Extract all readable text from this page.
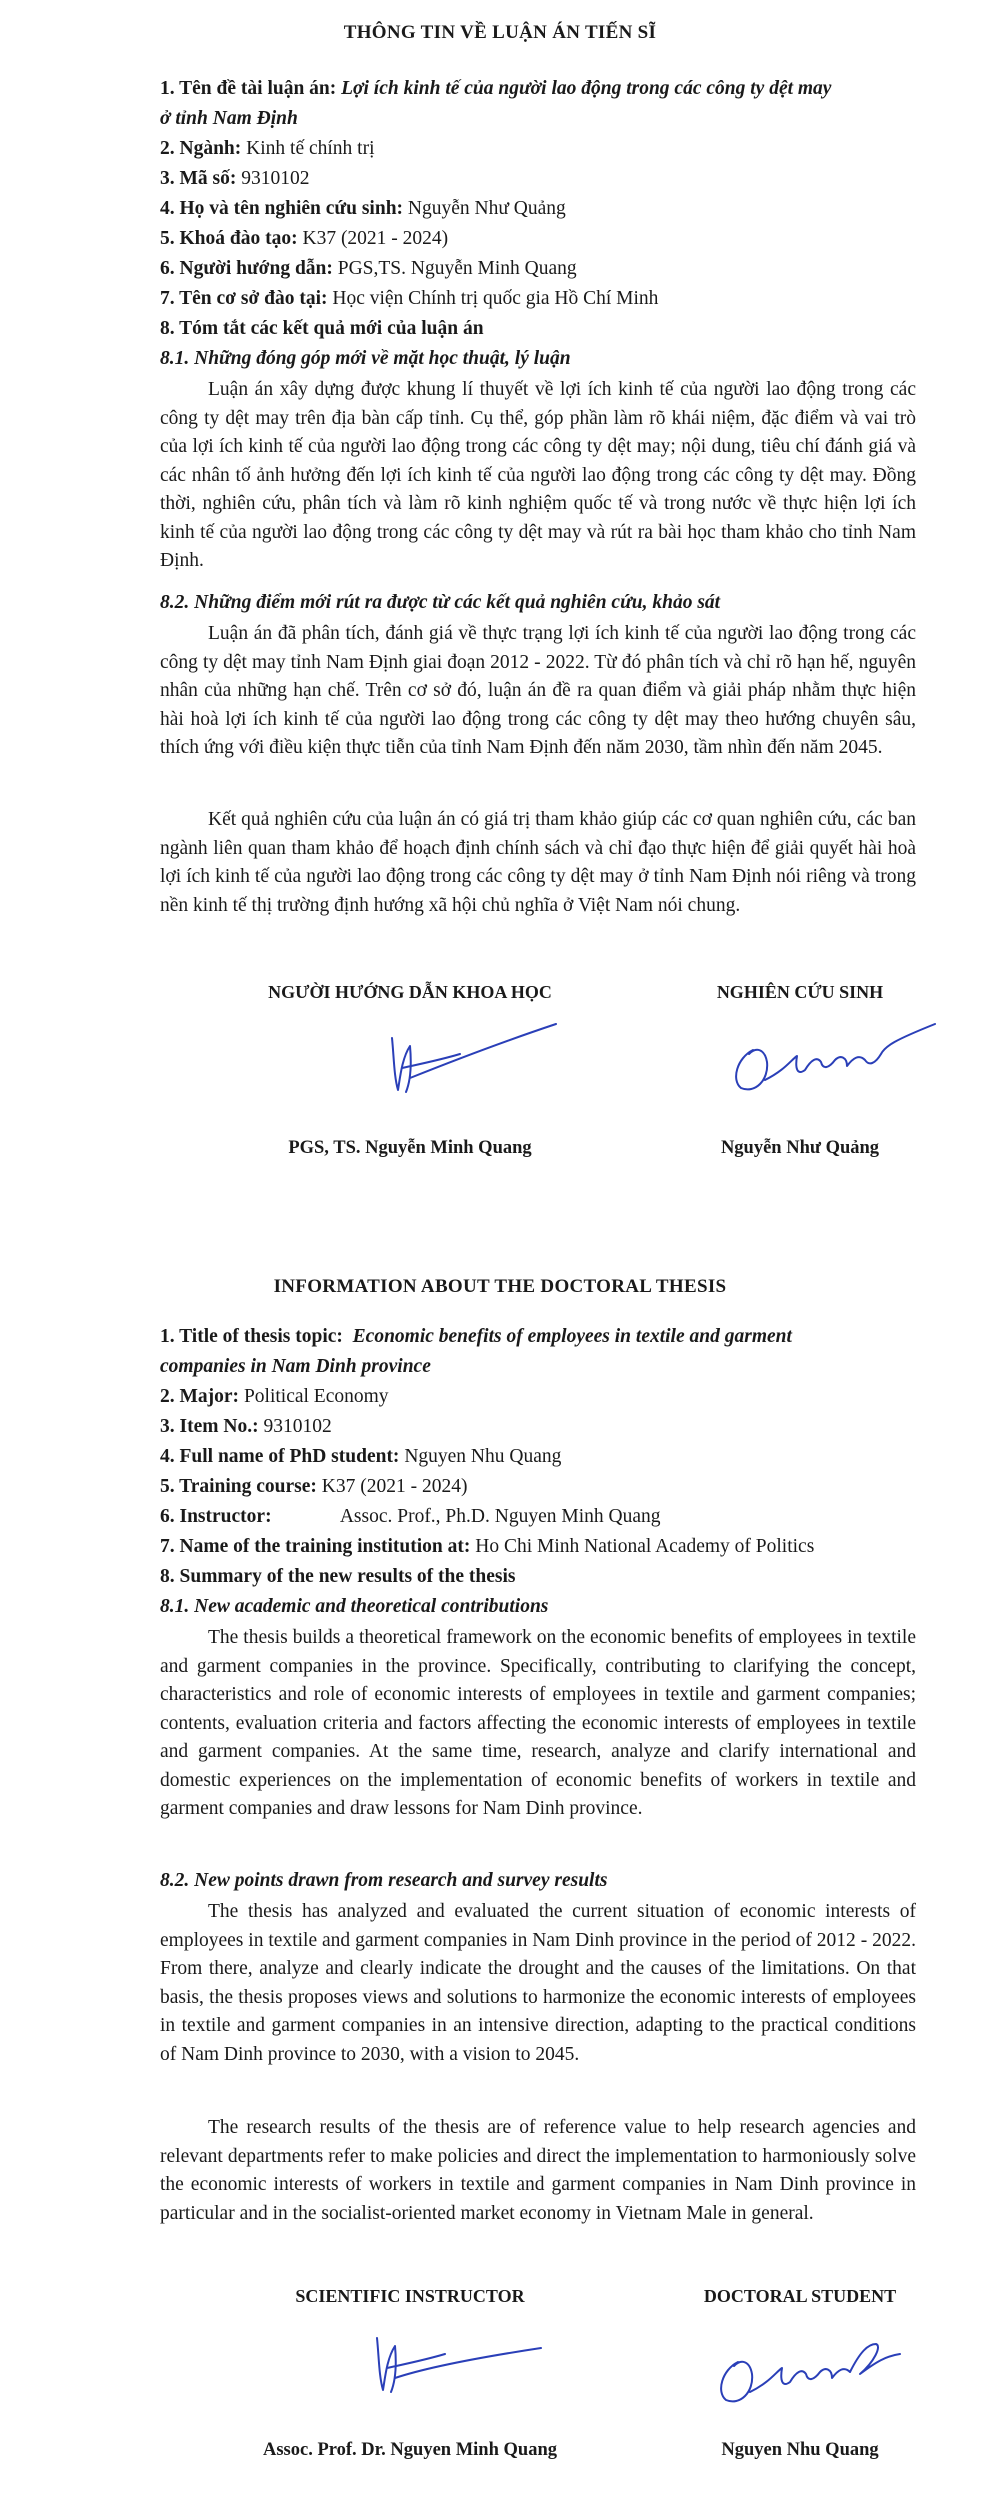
THÔNG TIN VỀ LUẬN ÁN TIẾN SĨ
1. Tên đề tài luận án: Lợi ích kinh tế của người lao động trong các công ty dệt may
ở tỉnh Nam Định
2. Ngành: Kinh tế chính trị
3. Mã số: 9310102
4. Họ và tên nghiên cứu sinh: Nguyễn Như Quảng
5. Khoá đào tạo: K37 (2021 - 2024)
6. Người hướng dẫn: PGS,TS. Nguyễn Minh Quang
7. Tên cơ sở đào tại: Học viện Chính trị quốc gia Hồ Chí Minh
8. Tóm tắt các kết quả mới của luận án
8.1. Những đóng góp mới về mặt học thuật, lý luận

Luận án xây dựng được khung lí thuyết về lợi ích kinh tế của người lao động trong các công ty dệt may trên địa bàn cấp tỉnh. Cụ thể, góp phần làm rõ khái niệm, đặc điểm và vai trò của lợi ích kinh tế của người lao động trong các công ty dệt may; nội dung, tiêu chí đánh giá và các nhân tố ảnh hưởng đến lợi ích kinh tế của người lao động trong các công ty dệt may. Đồng thời, nghiên cứu, phân tích và làm rõ kinh nghiệm quốc tế và trong nước về thực hiện lợi ích kinh tế của người lao động trong các công ty dệt may và rút ra bài học tham khảo cho tỉnh Nam Định.

8.2. Những điểm mới rút ra được từ các kết quả nghiên cứu, khảo sát

Luận án đã phân tích, đánh giá về thực trạng lợi ích kinh tế của người lao động trong các công ty dệt may tỉnh Nam Định giai đoạn 2012 - 2022. Từ đó phân tích và chỉ rõ hạn hế, nguyên nhân của những hạn chế. Trên cơ sở đó, luận án đề ra quan điểm và giải pháp nhằm thực hiện hài hoà lợi ích kinh tế của người lao động trong các công ty dệt may theo hướng chuyên sâu, thích ứng với điều kiện thực tiễn của tỉnh Nam Định đến năm 2030, tầm nhìn đến năm 2045.

Kết quả nghiên cứu của luận án có giá trị tham khảo giúp các cơ quan nghiên cứu, các ban ngành liên quan tham khảo để hoạch định chính sách và chỉ đạo thực hiện để giải quyết hài hoà lợi ích kinh tế của người lao động trong các công ty dệt may ở tỉnh Nam Định nói riêng và trong nền kinh tế thị trường định hướng xã hội chủ nghĩa ở Việt Nam nói chung.

NGƯỜI HƯỚNG DẪN KHOA HỌC	NGHIÊN CỨU SINH
PGS, TS. Nguyễn Minh Quang	Nguyễn Như Quảng
INFORMATION ABOUT THE DOCTORAL THESIS
1. Title of thesis topic: Economic benefits of employees in textile and garment
companies in Nam Dinh province
2. Major: Political Economy
3. Item No.: 9310102
4. Full name of PhD student: Nguyen Nhu Quang
5. Training course: K37 (2021 - 2024)
6. Instructor:	Assoc. Prof., Ph.D. Nguyen Minh Quang
7. Name of the training institution at: Ho Chi Minh National Academy of Politics
8. Summary of the new results of the thesis
8.1. New academic and theoretical contributions

The thesis builds a theoretical framework on the economic benefits of employees in textile and garment companies in the province. Specifically, contributing to clarifying the concept, characteristics and role of economic interests of employees in textile and garment companies; contents, evaluation criteria and factors affecting the economic interests of employees in textile and garment companies. At the same time, research, analyze and clarify international and domestic experiences on the implementation of economic benefits of workers in textile and garment companies and draw lessons for Nam Dinh province.

8.2. New points drawn from research and survey results

The thesis has analyzed and evaluated the current situation of economic interests of employees in textile and garment companies in Nam Dinh province in the period of 2012 - 2022. From there, analyze and clearly indicate the drought and the causes of the limitations. On that basis, the thesis proposes views and solutions to harmonize the economic interests of employees in textile and garment companies in an intensive direction, adapting to the practical conditions of Nam Dinh province to 2030, with a vision to 2045.

The research results of the thesis are of reference value to help research agencies and relevant departments refer to make policies and direct the implementation to harmoniously solve the economic interests of workers in textile and garment companies in Nam Dinh province in particular and in the socialist-oriented market economy in Vietnam Male in general.

SCIENTIFIC INSTRUCTOR	DOCTORAL STUDENT
Assoc. Prof. Dr. Nguyen Minh Quang	Nguyen Nhu Quang
